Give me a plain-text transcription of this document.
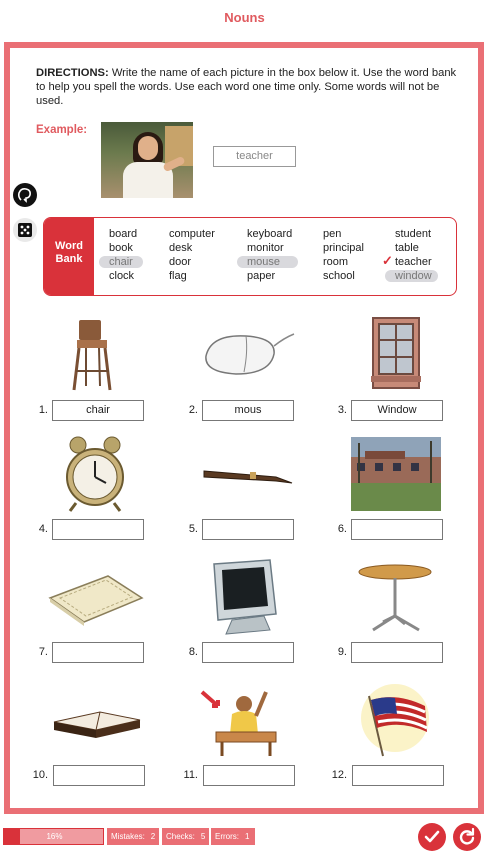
Nouns
DIRECTIONS: Write the name of each picture in the box below it. Use the word bank to help you spell the words. Use each word one time only. Some words will not be used.
Example:
teacher
Word
Bank
board
book
chair
clock
computer
desk
door
flag
keyboard
monitor
mouse
paper
pen
principal
room
school
student
table
✓ teacher
window
1.	chair	2.	mous	3.	Window
4.	5.	6.
7.	8.	9.
10.	11.	12.
16%	Mistakes: 2	Checks: 5	Errors: 1
